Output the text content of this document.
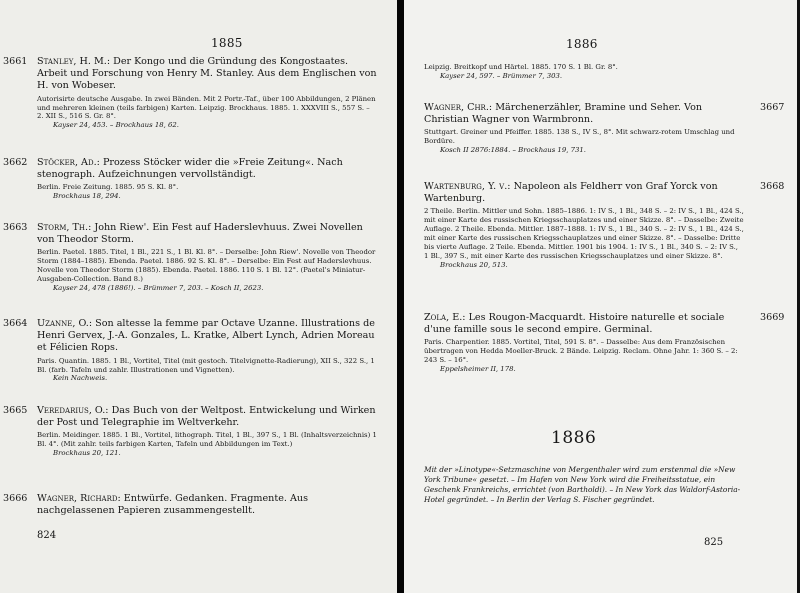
1885
3661 Stanley, H. M.: Der Kongo und die Gründung des Kongostaates. Arbeit und Forschung von Henry M. Stanley. Aus dem Englischen von H. von Wobeser.
Autorisirte deutsche Ausgabe. In zwei Bänden. Mit 2 Portr.-Taf., über 100 Abbildungen, 2 Plänen und mehreren kleinen (teils farbigen) Karten. Leipzig. Brockhaus. 1885. 1. XXXVIII S., 557 S. – 2. XII S., 516 S. Gr. 8°.
Kayser 24, 453. – Brockhaus 18, 62.
3662 Stöcker, Ad.: Prozess Stöcker wider die »Freie Zeitung«. Nach stenograph. Aufzeichnungen vervollständigt.
Berlin. Freie Zeitung. 1885. 95 S. Kl. 8°.
Brockhaus 18, 294.
3663 Storm, Th.: John Riew'. Ein Fest auf Haderslevhuus. Zwei Novellen von Theodor Storm.
Berlin. Paetel. 1885. Titel, 1 Bl., 221 S., 1 Bl. Kl. 8°. – Derselbe: John Riew'. Novelle von Theodor Storm (1884–1885). Ebenda. Paetel. 1886. 92 S. Kl. 8°. – Derselbe: Ein Fest auf Haderslevhuus. Novelle von Theodor Storm (1885). Ebenda. Paetel. 1886. 110 S. 1 Bl. 12°. (Paetel's Miniatur-Ausgaben-Collection. Band 8.)
Kayser 24, 478 (1886!). – Brümmer 7, 203. – Kosch II, 2623.
3664 Uzanne, O.: Son altesse la femme par Octave Uzanne. Illustrations de Henri Gervex, J.-A. Gonzales, L. Kratke, Albert Lynch, Adrien Moreau et Félicien Rops.
Paris. Quantin. 1885. 1 Bl., Vortitel, Titel (mit gestoch. Titelvignette-Radierung), XII S., 322 S., 1 Bl. (farb. Tafeln und zahlr. Illustrationen und Vignetten).
Kein Nachweis.
3665 Veredarius, O.: Das Buch von der Weltpost. Entwickelung und Wirken der Post und Telegraphie im Weltverkehr.
Berlin. Meidinger. 1885. 1 Bl., Vortitel, lithograph. Titel, 1 Bl., 397 S., 1 Bl. (Inhaltsverzeichnis) 1 Bl. 4°. (Mit zahlr. teils farbigen Karten, Tafeln und Abbildungen im Text.)
Brockhaus 20, 121.
3666 Wagner, Richard: Entwürfe. Gedanken. Fragmente. Aus nachgelassenen Papieren zusammengestellt.
824
1886
Leipzig. Breitkopf und Härtel. 1885. 170 S. 1 Bl. Gr. 8°.
Kayser 24, 597. – Brümmer 7, 303.
3667
Wagner, Chr.: Märchenerzähler, Bramine und Seher. Von Christian Wagner von Warmbronn.
Stuttgart. Greiner und Pfeiffer. 1885. 138 S., IV S., 8°. Mit schwarz-rotem Umschlag und Bordüre.
Kosch II 2876:1884. – Brockhaus 19, 731.
3668
Wartenburg, Y. v.: Napoleon als Feldherr von Graf Yorck von Wartenburg.
2 Theile. Berlin. Mittler und Sohn. 1885–1886. 1: IV S., 1 Bl., 348 S. – 2: IV S., 1 Bl., 424 S., mit einer Karte des russischen Kriegsschauplatzes und einer Skizze. 8°. – Dasselbe: Zweite Auflage. 2 Theile. Ebenda. Mittler. 1887–1888. 1: IV S., 1 Bl., 340 S. – 2: IV S., 1 Bl., 424 S., mit einer Karte des russischen Kriegsschauplatzes und einer Skizze. 8°. – Dasselbe: Dritte bis vierte Auflage. 2 Teile. Ebenda. Mittler. 1901 bis 1904. 1: IV S., 1 Bl., 340 S. – 2: IV S., 1 Bl., 397 S., mit einer Karte des russischen Kriegsschauplatzes und einer Skizze. 8°.
Brockhaus 20, 513.
3669
Zola, E.: Les Rougon-Macquardt. Histoire naturelle et sociale d'une famille sous le second empire. Germinal.
Paris. Charpentier. 1885. Vortitel, Titel, 591 S. 8°. – Dasselbe: Aus dem Französischen übertragen von Hedda Moeller-Bruck. 2 Bände. Leipzig. Reclam. Ohne Jahr. 1: 360 S. – 2: 243 S. – 16°.
Eppelsheimer II, 178.
1886
Mit der »Linotype«-Setzmaschine von Mergenthaler wird zum erstenmal die »New York Tribune« gesetzt. – Im Hafen von New York wird die Freiheitsstatue, ein Geschenk Frankreichs, errichtet (von Bartholdi). – In New York das Waldorf-Astoria-Hotel gegründet. – In Berlin der Verlag S. Fischer gegründet.
825
